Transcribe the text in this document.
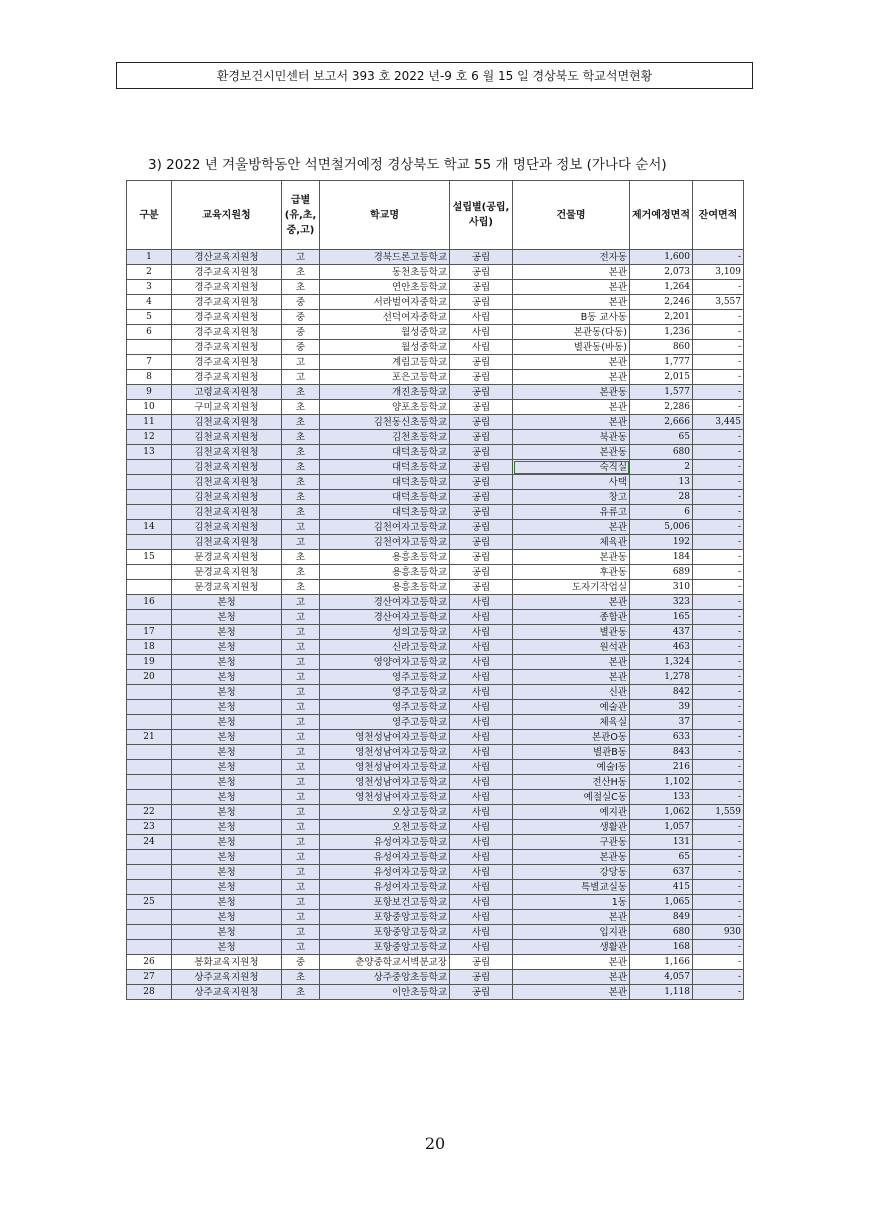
환경보건시민센터 보고서 393 호 2022 년-9 호 6 월 15 일 경상북도 학교석면현황
3) 2022 년 겨울방학동안 석면철거예정 경상북도 학교 55 개 명단과 정보 (가나다 순서)
구분	교육지원청	급별(유,초,중,고)	학교명	설립별(공립,사립)	건물명	제거예정면적	잔여면적
1	경산교육지원청	고	경북드론고등학교	공립	전자동	1,600	-
2	경주교육지원청	초	동천초등학교	공립	본관	2,073	3,109
3	경주교육지원청	초	연안초등학교	공립	본관	1,264	-
4	경주교육지원청	중	서라벌여자중학교	공립	본관	2,246	3,557
5	경주교육지원청	중	선덕여자중학교	사립	B동 교사동	2,201	-
6	경주교육지원청	중	월성중학교	사립	본관동(다동)	1,236	-
	경주교육지원청	중	월성중학교	사립	별관동(바동)	860	-
7	경주교육지원청	고	계림고등학교	공립	본관	1,777	-
8	경주교육지원청	고	포은고등학교	공립	본관	2,015	-
9	고령교육지원청	초	개진초등학교	공립	본관동	1,577	-
10	구미교육지원청	초	양포초등학교	공립	본관	2,286	-
11	김천교육지원청	초	김천동신초등학교	공립	본관	2,666	3,445
12	김천교육지원청	초	김천초등학교	공립	북관동	65	-
13	김천교육지원청	초	대덕초등학교	공립	본관동	680	-
	김천교육지원청	초	대덕초등학교	공립	숙직실	2	-
	김천교육지원청	초	대덕초등학교	공립	사택	13	-
	김천교육지원청	초	대덕초등학교	공립	창고	28	-
	김천교육지원청	초	대덕초등학교	공립	유류고	6	-
14	김천교육지원청	고	김천여자고등학교	공립	본관	5,006	-
	김천교육지원청	고	김천여자고등학교	공립	체육관	192	-
15	문경교육지원청	초	용흥초등학교	공립	본관동	184	-
	문경교육지원청	초	용흥초등학교	공립	후관동	689	-
	문경교육지원청	초	용흥초등학교	공립	도자기작업실	310	-
16	본청	고	경산여자고등학교	사립	본관	323	-
	본청	고	경산여자고등학교	사립	종합관	165	-
17	본청	고	성의고등학교	사립	별관동	437	-
18	본청	고	신라고등학교	사립	원석관	463	-
19	본청	고	영양여자고등학교	사립	본관	1,324	-
20	본청	고	영주고등학교	사립	본관	1,278	-
	본청	고	영주고등학교	사립	신관	842	-
	본청	고	영주고등학교	사립	예술관	39	-
	본청	고	영주고등학교	사립	체육실	37	-
21	본청	고	영천성남여자고등학교	사립	본관O동	633	-
	본청	고	영천성남여자고등학교	사립	별관B동	843	-
	본청	고	영천성남여자고등학교	사립	예술I동	216	-
	본청	고	영천성남여자고등학교	사립	전산H동	1,102	-
	본청	고	영천성남여자고등학교	사립	예절실C동	133	-
22	본청	고	오상고등학교	사립	예지관	1,062	1,559
23	본청	고	오천고등학교	사립	생활관	1,057	-
24	본청	고	유성여자고등학교	사립	구관동	131	-
	본청	고	유성여자고등학교	사립	본관동	65	-
	본청	고	유성여자고등학교	사립	강당동	637	-
	본청	고	유성여자고등학교	사립	특별교실동	415	-
25	본청	고	포항보건고등학교	사립	1동	1,065	-
	본청	고	포항중앙고등학교	사립	본관	849	-
	본청	고	포항중앙고등학교	사립	입지관	680	930
	본청	고	포항중앙고등학교	사립	생활관	168	-
26	봉화교육지원청	중	춘양중학교서벽분교장	공립	본관	1,166	-
27	상주교육지원청	초	상주중앙초등학교	공립	본관	4,057	-
28	상주교육지원청	초	이안초등학교	공립	본관	1,118	-
20
